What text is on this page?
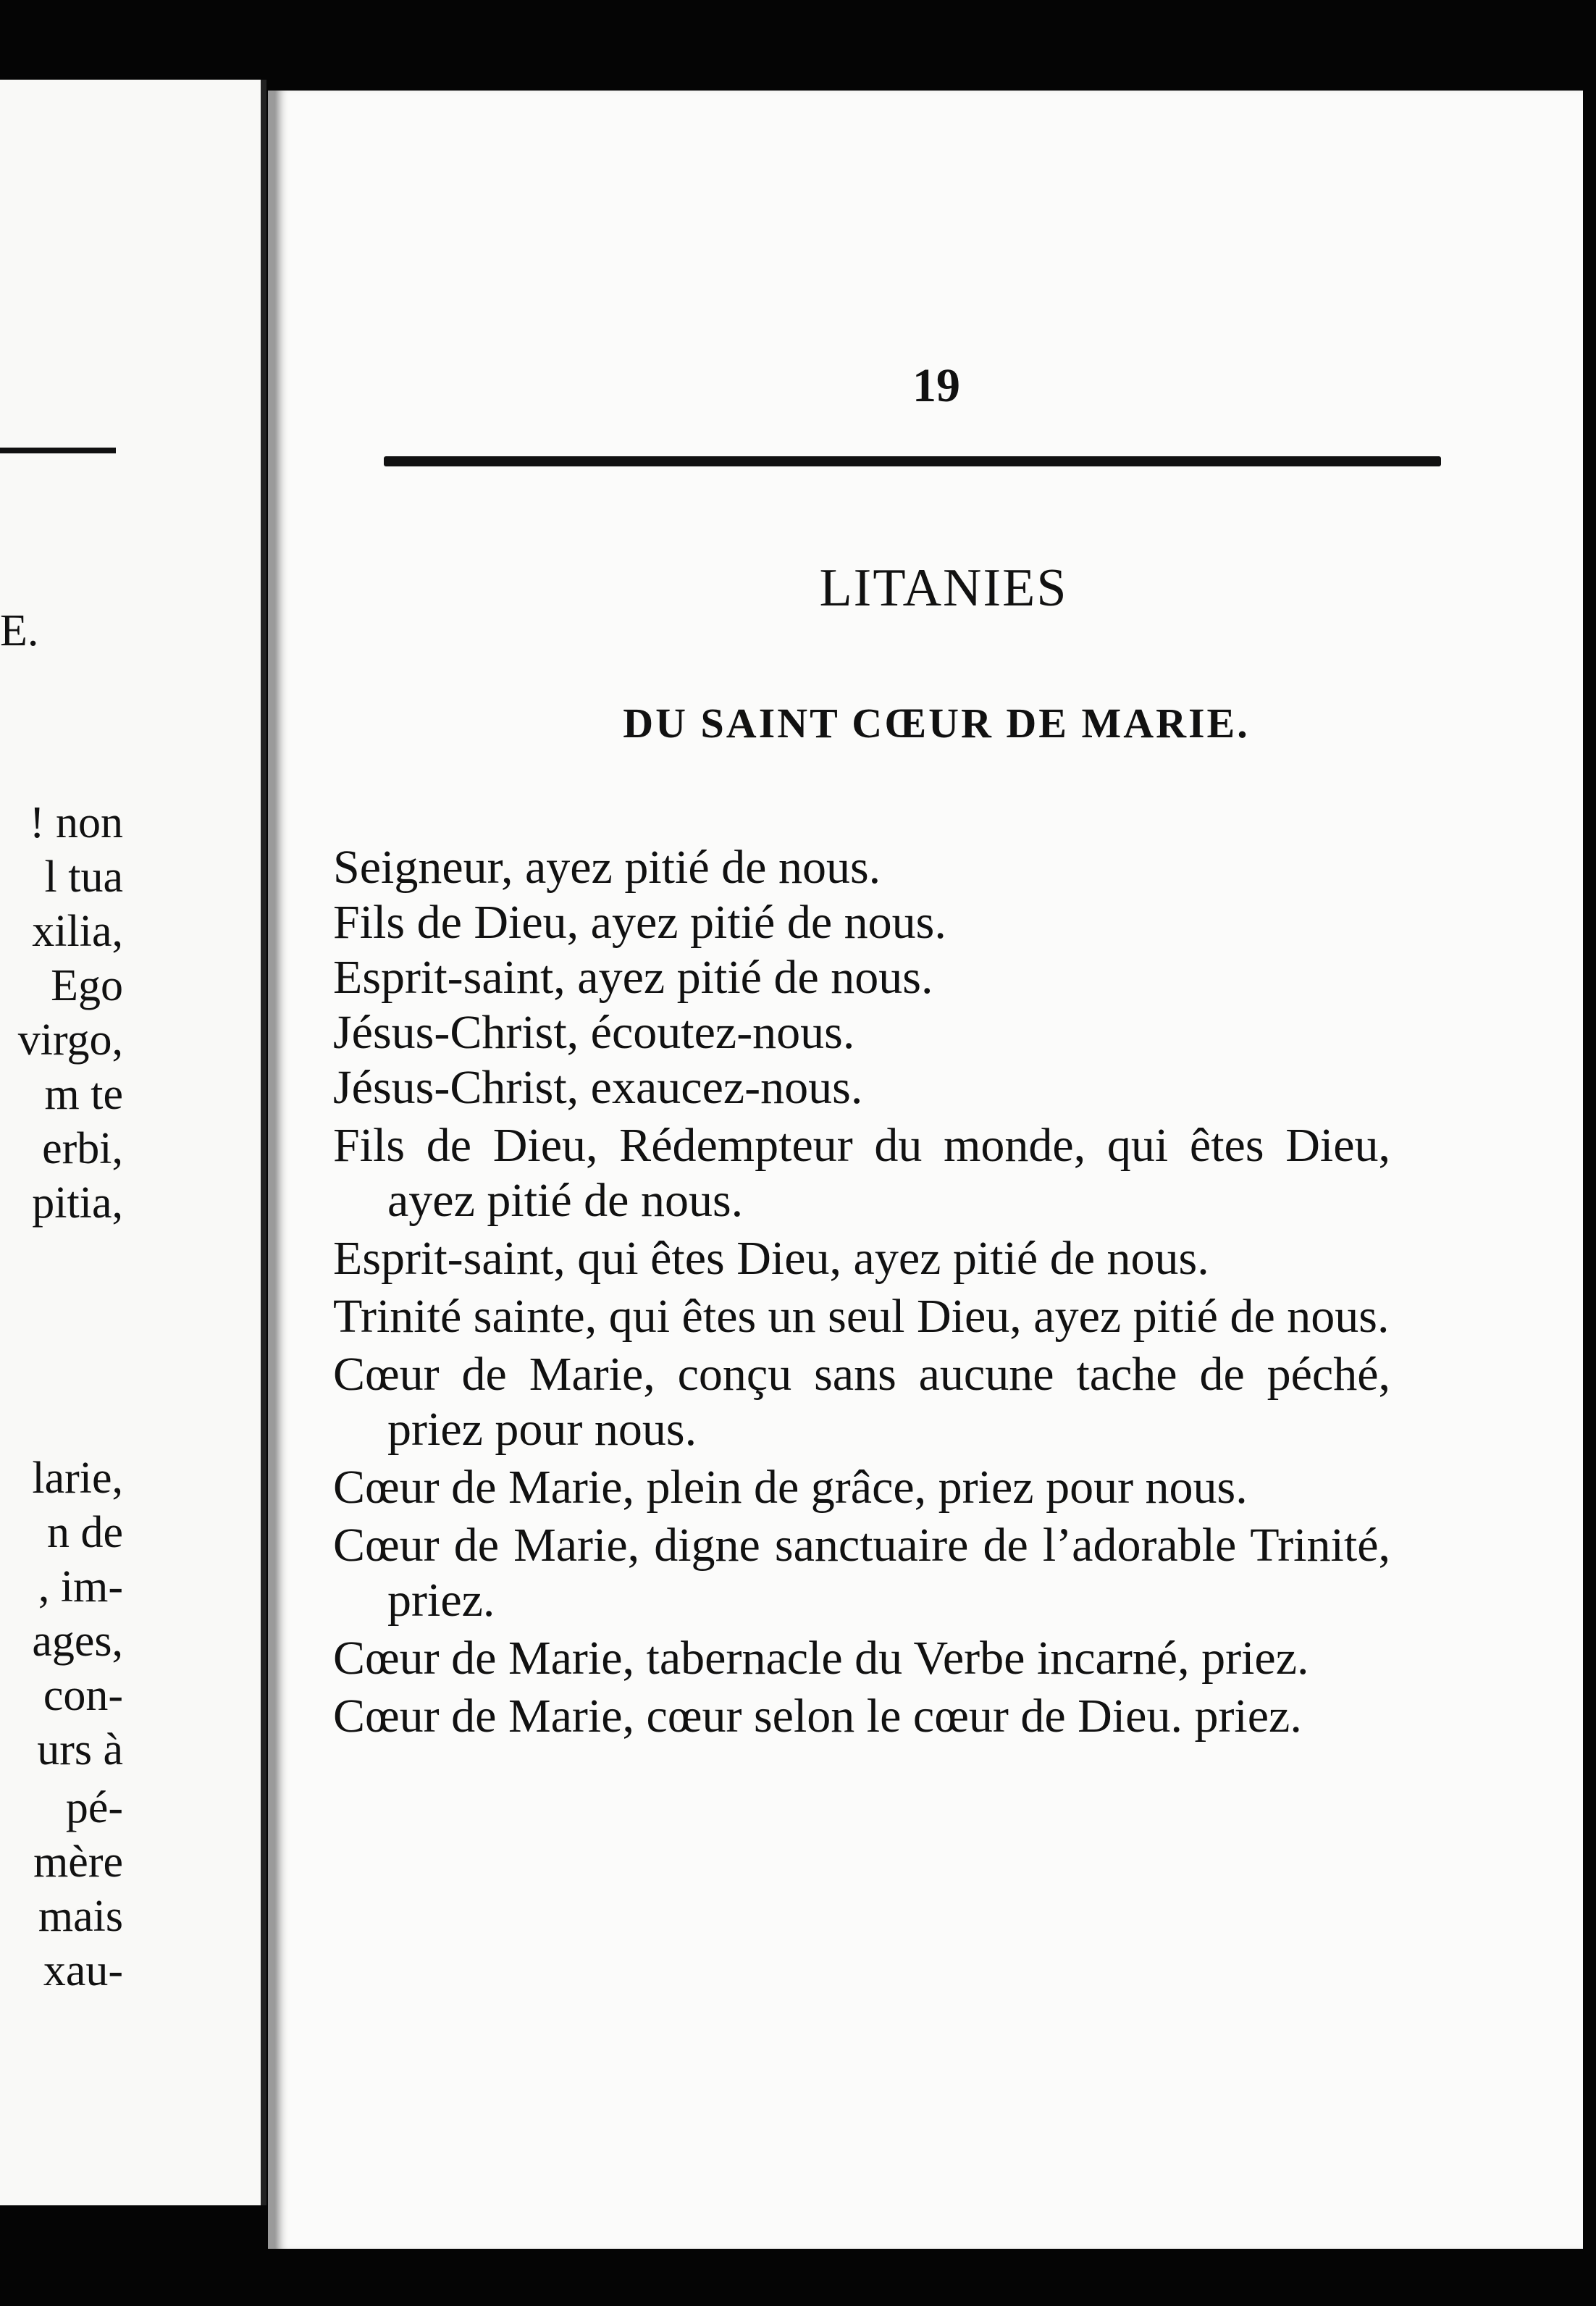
E.
! non
l tua
xilia,
Ego
virgo,
m te
erbi,
pitia,
larie,
n de
, im-
ages,
con-
urs à
pé-
mère
mais
xau-
19
LITANIES
DU SAINT CŒUR DE MARIE.

Seigneur, ayez pitié de nous.

Fils de Dieu, ayez pitié de nous.

Esprit-saint, ayez pitié de nous.

Jésus-Christ, écoutez-nous.

Jésus-Christ, exaucez-nous.

Fils de Dieu, Rédempteur du monde, qui êtes Dieu, ayez pitié de nous.

Esprit-saint, qui êtes Dieu, ayez pitié de nous.

Trinité sainte, qui êtes un seul Dieu, ayez pitié de nous.

Cœur de Marie, conçu sans aucune tache de péché, priez pour nous.

Cœur de Marie, plein de grâce, priez pour nous.

Cœur de Marie, digne sanctuaire de l’adorable Trinité, priez.

Cœur de Marie, tabernacle du Verbe incarné, priez.

Cœur de Marie, cœur selon le cœur de Dieu. priez.
